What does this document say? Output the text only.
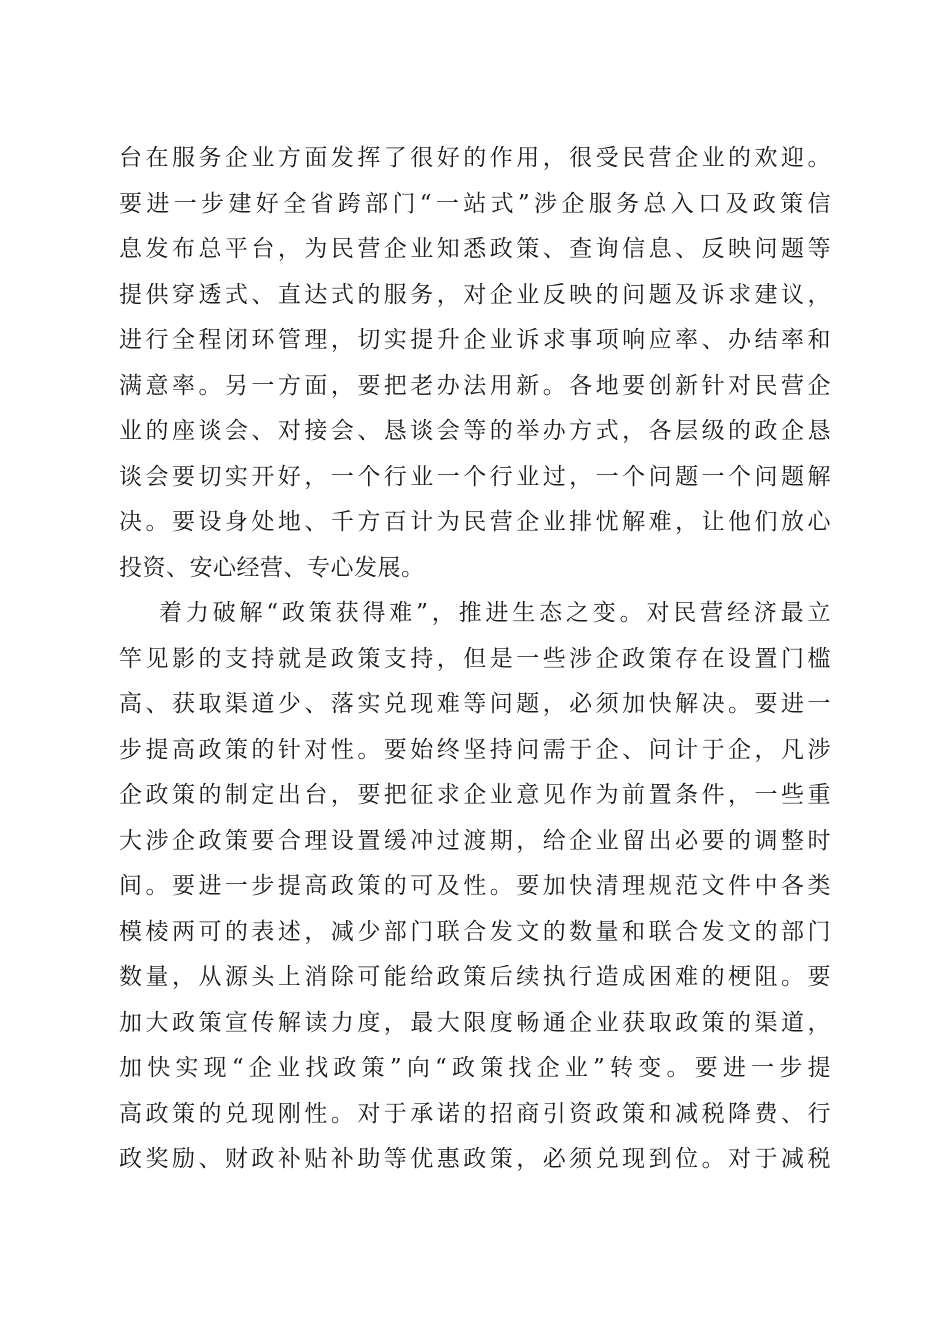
台在服务企业方面发挥了很好的作用，很受民营企业的欢迎。
要进一步建好全省跨部门“一站式”涉企服务总入口及政策信
息发布总平台，为民营企业知悉政策、查询信息、反映问题等
提供穿透式、直达式的服务，对企业反映的问题及诉求建议，
进行全程闭环管理，切实提升企业诉求事项响应率、办结率和
满意率。另一方面，要把老办法用新。各地要创新针对民营企
业的座谈会、对接会、恳谈会等的举办方式，各层级的政企恳
谈会要切实开好，一个行业一个行业过，一个问题一个问题解
决。要设身处地、千方百计为民营企业排忧解难，让他们放心
投资、安心经营、专心发展。
着力破解“政策获得难”，推进生态之变。对民营经济最立
竿见影的支持就是政策支持，但是一些涉企政策存在设置门槛
高、获取渠道少、落实兑现难等问题，必须加快解决。要进一
步提高政策的针对性。要始终坚持问需于企、问计于企，凡涉
企政策的制定出台，要把征求企业意见作为前置条件，一些重
大涉企政策要合理设置缓冲过渡期，给企业留出必要的调整时
间。要进一步提高政策的可及性。要加快清理规范文件中各类
模棱两可的表述，减少部门联合发文的数量和联合发文的部门
数量，从源头上消除可能给政策后续执行造成困难的梗阻。要
加大政策宣传解读力度，最大限度畅通企业获取政策的渠道，
加快实现“企业找政策”向“政策找企业”转变。要进一步提
高政策的兑现刚性。对于承诺的招商引资政策和减税降费、行
政奖励、财政补贴补助等优惠政策，必须兑现到位。对于减税
